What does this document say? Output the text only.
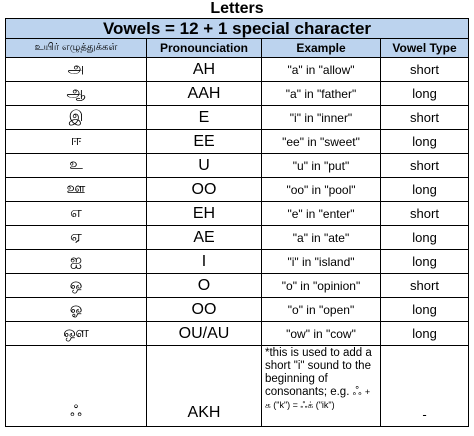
Letters
Vowels = 12 + 1 special character			
உயிர் எழுத்துக்கள்	Pronounciation	Example	Vowel Type
அ	AH	"a" in "allow"	short
ஆ	AAH	"a" in "father"	long
இ	E	"i" in "inner"	short
ஈ	EE	"ee" in "sweet"	long
உ	U	"u" in "put"	short
ஊ	OO	"oo" in "pool"	long
எ	EH	"e" in "enter"	short
ஏ	AE	"a" in "ate"	long
ஐ	I	"i" in "island"	long
ஒ	O	"o" in "opinion"	short
ஓ	OO	"o" in "open"	long
ஔ	OU/AU	"ow" in "cow"	long
ஃ	AKH	*this is used to add a short "i" sound to the beginning of consonants; e.g. ஃ + க ("k") = ஃக் ("ik")	-
